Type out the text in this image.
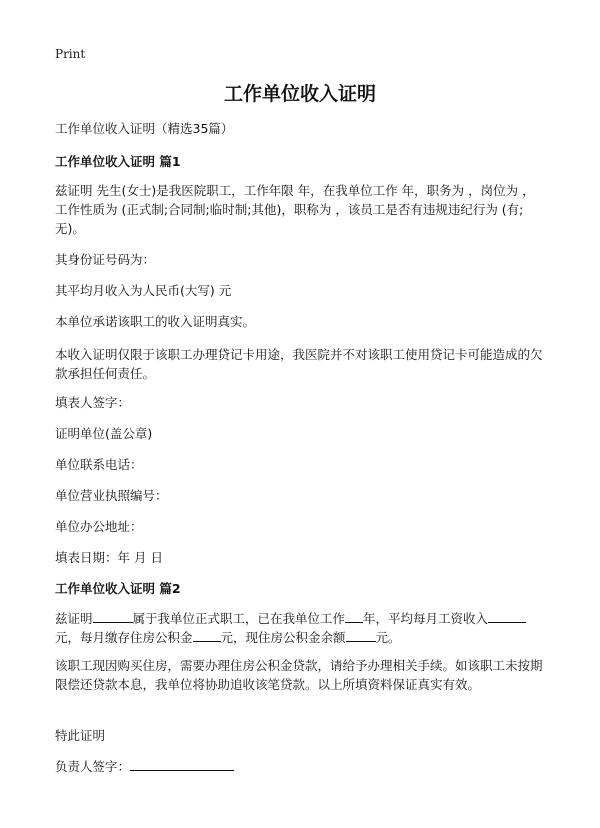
Print
工作单位收入证明
工作单位收入证明（精选35篇）
工作单位收入证明 篇1
兹证明 先生(女士)是我医院职工，工作年限 年，在我单位工作 年，职务为 ，岗位为 ，工作性质为 (正式制;合同制;临时制;其他)，职称为 ，该员工是否有违规违纪行为 (有;无)。
其身份证号码为：
其平均月收入为人民币(大写) 元
本单位承诺该职工的收入证明真实。
本收入证明仅限于该职工办理贷记卡用途，我医院并不对该职工使用贷记卡可能造成的欠款承担任何责任。
填表人签字：
证明单位(盖公章)
单位联系电话：
单位营业执照编号：
单位办公地址：
填表日期：年 月 日
工作单位收入证明 篇2
兹证明	属于我单位正式职工，已在我单位工作 年，平均每月工资收入元，每月缴存住房公积金 元，现住房公积金余额 元。
该职工现因购买住房，需要办理住房公积金贷款，请给予办理相关手续。如该职工未按期限偿还贷款本息，我单位将协助追收该笔贷款。以上所填资料保证真实有效。
特此证明
负责人签字：
